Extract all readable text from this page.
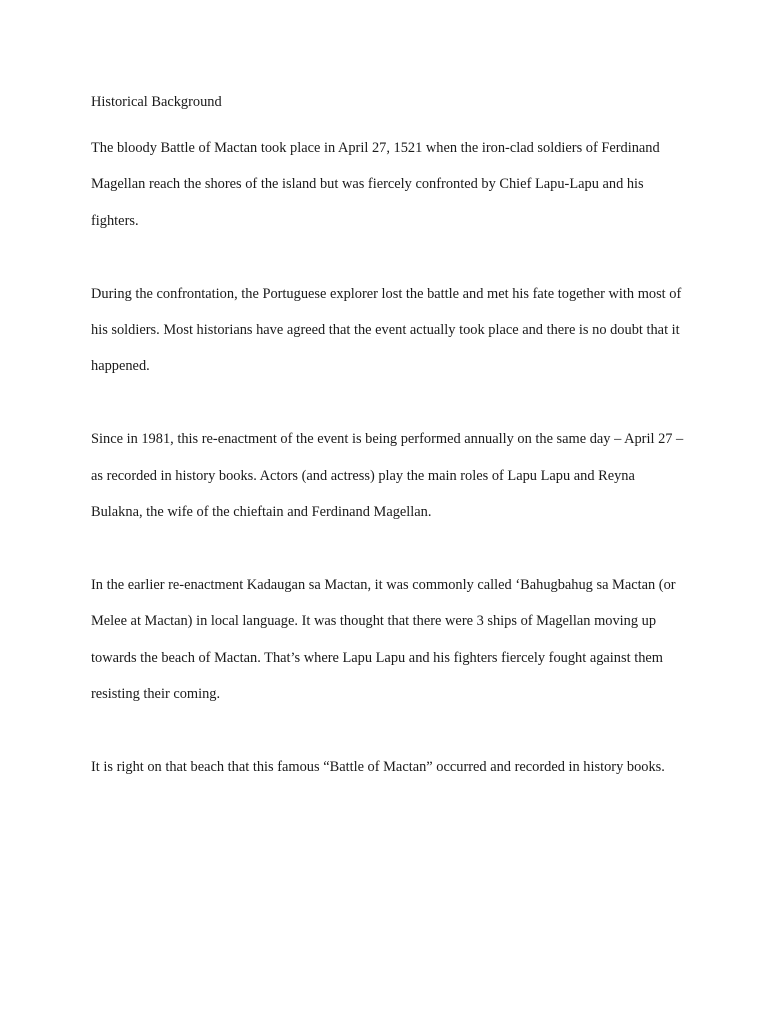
Historical Background

The bloody Battle of Mactan took place in April 27, 1521 when the iron-clad soldiers of Ferdinand Magellan reach the shores of the island but was fiercely confronted by Chief Lapu-Lapu and his fighters.

During the confrontation, the Portuguese explorer lost the battle and met his fate together with most of his soldiers. Most historians have agreed that the event actually took place and there is no doubt that it happened.

Since in 1981, this re-enactment of the event is being performed annually on the same day – April 27 – as recorded in history books. Actors (and actress) play the main roles of Lapu Lapu and Reyna Bulakna, the wife of the chieftain and Ferdinand Magellan.

In the earlier re-enactment Kadaugan sa Mactan, it was commonly called ‘Bahugbahug sa Mactan (or Melee at Mactan) in local language. It was thought that there were 3 ships of Magellan moving up towards the beach of Mactan. That’s where Lapu Lapu and his fighters fiercely fought against them resisting their coming.

It is right on that beach that this famous “Battle of Mactan” occurred and recorded in history books.
